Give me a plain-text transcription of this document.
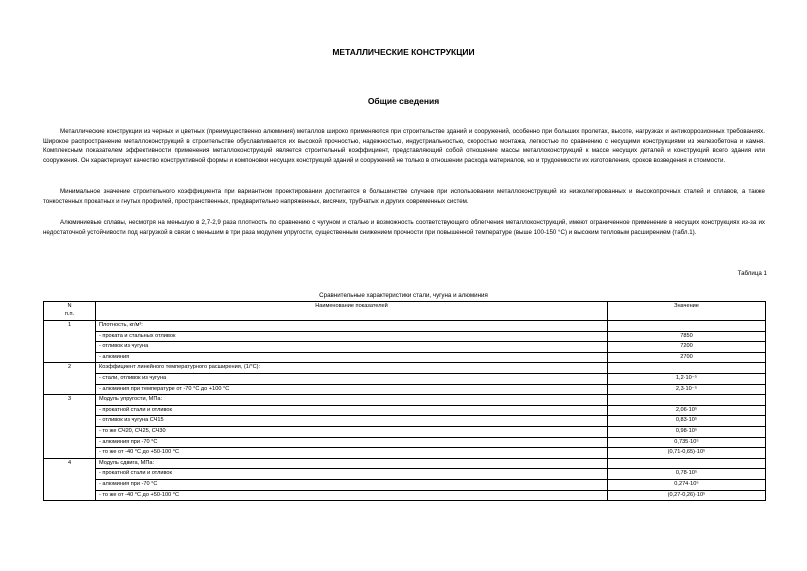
МЕТАЛЛИЧЕСКИЕ КОНСТРУКЦИИ
Общие сведения

Металлические конструкции из черных и цветных (преимущественно алюминия) металлов широко применяются при строительстве зданий и сооружений, особенно при больших пролетах, высоте, нагрузках и антикоррозионных требованиях. Широкое распространение металлоконструкций в строительстве обуславливается их высокой прочностью, надежностью, индустриальностью, скоростью монтажа, легкостью по сравнению с несущими конструкциями из железобетона и камня. Комплексным показателем эффективности применения металлоконструкций является строительный коэффициент, представляющий собой отношение массы металлоконструкций к массе несущих деталей и конструкций всего здания или сооружения. Он характеризует качество конструктивной формы и компоновки несущих конструкций зданий и сооружений не только в отношении расхода материалов, но и трудоемкости их изготовления, сроков возведения и стоимости.

Минимальное значение строительного коэффициента при вариантном проектировании достигается в большинстве случаев при использовании металлоконструкций из низколегированных и высокопрочных сталей и сплавов, а также тонкостенных прокатных и гнутых профилей, пространственных, предварительно напряженных, висячих, трубчатых и других современных систем.

Алюминиевые сплавы, несмотря на меньшую в 2,7-2,9 раза плотность по сравнению с чугуном и сталью и возможность соответствующего облегчения металлоконструкций, имеют ограниченное применение в несущих конструкциях из-за их недостаточной устойчивости под нагрузкой в связи с меньшим в три раза модулем упругости, существенным снижением прочности при повышенной температуре (выше 100-150 °С) и высоким тепловым расширением (табл.1).

Таблица 1
Сравнительные характеристики стали, чугуна и алюминия
N
п.п.	Наименование показателей	Значение
1	Плотность, кг/м³:	
	- проката и стальных отливок	7850
	- отливок из чугуна	7200
	- алюминия	2700
2	Коэффициент линейного температурного расширения, (1/°С):	
	- стали, отливок из чугуна	1,2·10⁻⁵
	- алюминия при температуре от -70 °С до +100 °С	2,3·10⁻⁵
3	Модуль упругости, МПа:	
	- прокатной стали и отливок	2,06·10⁵
	- отливок из чугуна СЧ15	0,83·10⁵
	- то же СЧ20, СЧ25, СЧ30	0,98·10⁵
	- алюминия при -70 °С	0,735·10⁵
	- то же от -40 °С до +50-100 °С	(0,71-0,65)·10⁵
4	Модуль сдвига, МПа:	
	- прокатной стали и отливок	0,78·10⁵
	- алюминия при -70 °С	0,274·10⁵
	- то же от -40 °С до +50-100 °С	(0,27-0,26)·10⁵
